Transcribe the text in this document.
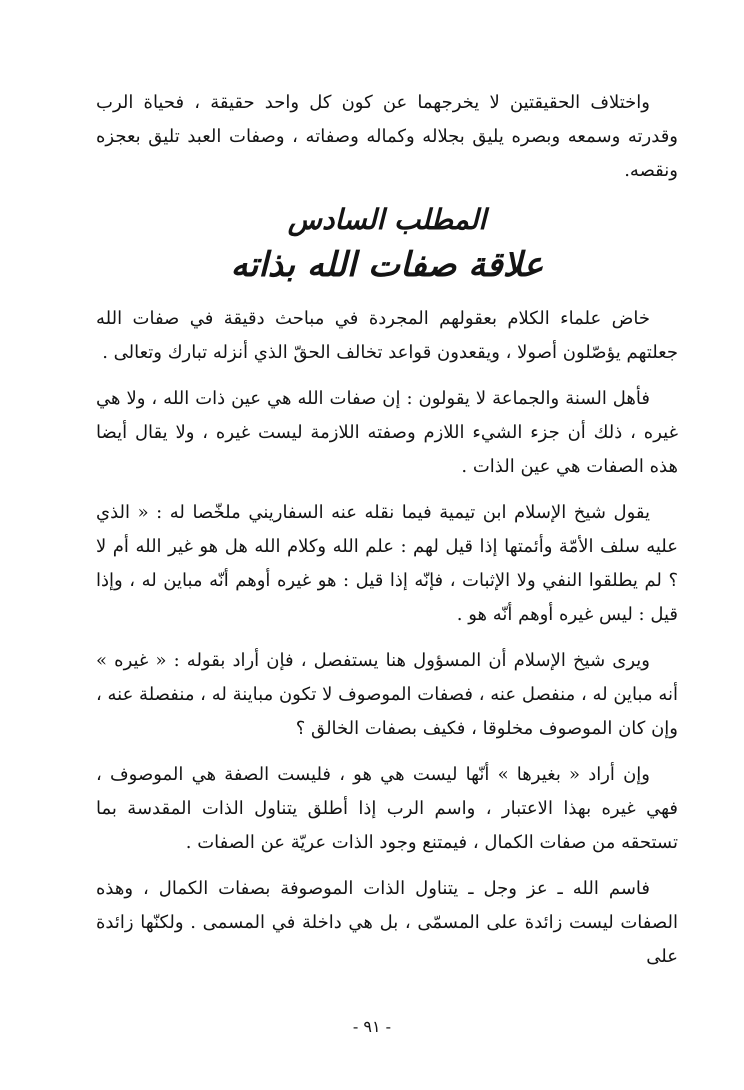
واختلاف الحقيقتين لا يخرجهما عن كون كل واحد حقيقة ، فحياة الرب وقدرته وسمعه وبصره يليق بجلاله وكماله وصفاته ، وصفات العبد تليق بعجزه ونقصه.

المطلب السادس
علاقة صفات الله بذاته

خاض علماء الكلام بعقولهم المجردة في مباحث دقيقة في صفات الله جعلتهم يؤصّلون أصولا ، ويقعدون قواعد تخالف الحقّ الذي أنزله تبارك وتعالى .

فأهل السنة والجماعة لا يقولون : إن صفات الله هي عين ذات الله ، ولا هي غيره ، ذلك أن جزء الشيء اللازم وصفته اللازمة ليست غيره ، ولا يقال أيضا هذه الصفات هي عين الذات .

يقول شيخ الإسلام ابن تيمية فيما نقله عنه السفاريني ملخّصا له : « الذي عليه سلف الأمّة وأئمتها إذا قيل لهم : علم الله وكلام الله هل هو غير الله أم لا ؟ لم يطلقوا النفي ولا الإثبات ، فإنّه إذا قيل : هو غيره أوهم أنّه مباين له ، وإذا قيل : ليس غيره أوهم أنّه هو .

ويرى شيخ الإسلام أن المسؤول هنا يستفصل ، فإن أراد بقوله : « غيره » أنه مباين له ، منفصل عنه ، فصفات الموصوف لا تكون مباينة له ، منفصلة عنه ، وإن كان الموصوف مخلوقا ، فكيف بصفات الخالق ؟

وإن أراد « بغيرها » أنّها ليست هي هو ، فليست الصفة هي الموصوف ، فهي غيره بهذا الاعتبار ، واسم الرب إذا أطلق يتناول الذات المقدسة بما تستحقه من صفات الكمال ، فيمتنع وجود الذات عريّة عن الصفات .

فاسم الله ـ عز وجل ـ يتناول الذات الموصوفة بصفات الكمال ، وهذه الصفات ليست زائدة على المسمّى ، بل هي داخلة في المسمى . ولكنّها زائدة على

- ٩١ -
